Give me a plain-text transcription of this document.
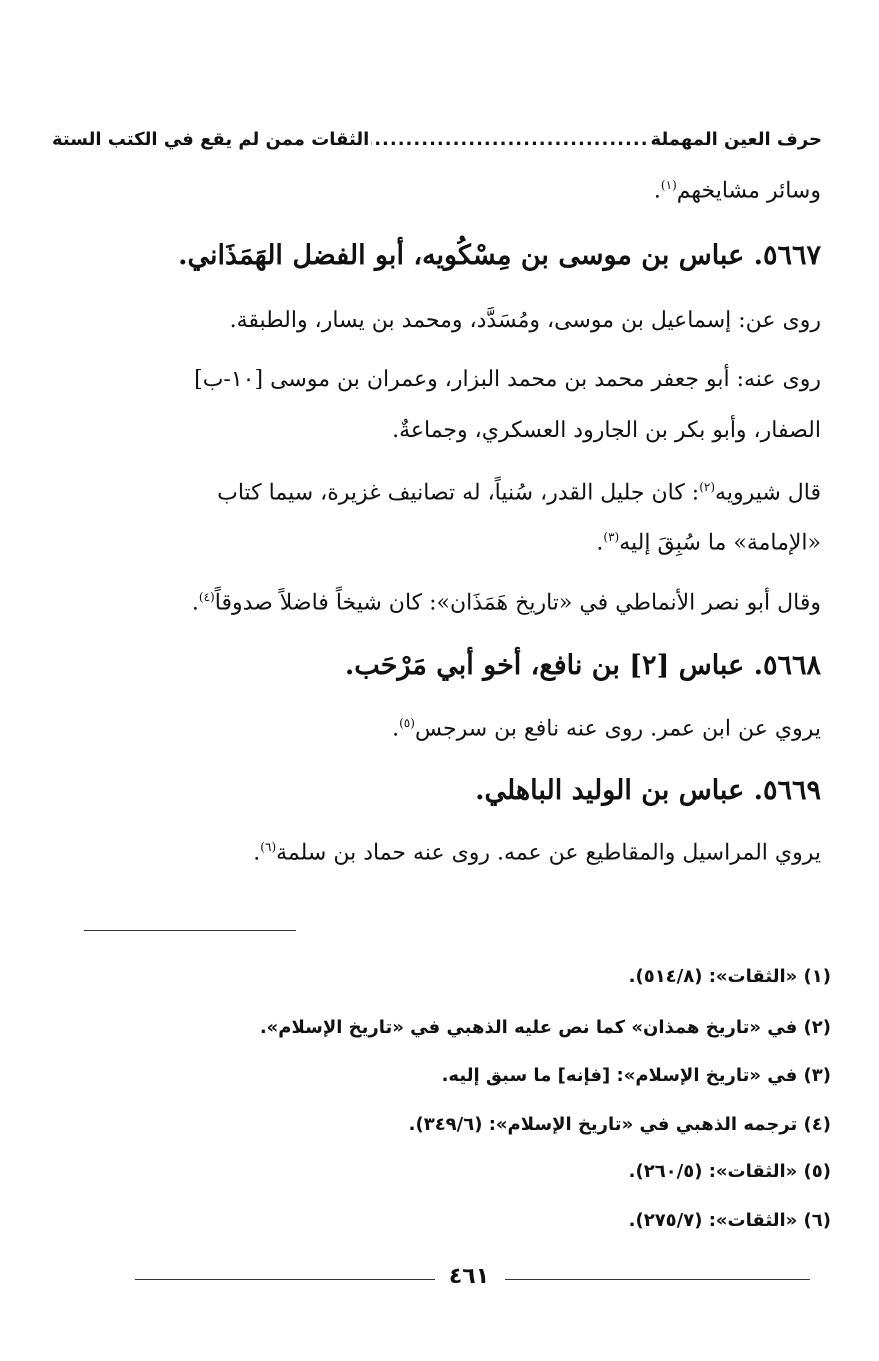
حرف العين المهملة
.....
الثقات ممن لم يقع في الكتب الستة
وسائر مشايخهم$^{(١)}$.
٥٦٦٧. عباس بن موسى بن مِسْكُويه، أبو الفضل الهَمَذَاني.
روى عن: إسماعيل بن موسى، ومُسَدَّد، ومحمد بن يسار، والطبقة.
روى عنه: أبو جعفر محمد بن محمد البزار، وعمران بن موسى [١٠-ب]
الصفار، وأبو بكر بن الجارود العسكري، وجماعةٌ.
قال شيرويه$^{(٢)}$: كان جليل القدر، سُنياً، له تصانيف غزيرة، سيما كتاب
«الإمامة» ما سُبِقَ إليه$^{(٣)}$.
وقال أبو نصر الأنماطي في «تاريخ هَمَذَان»: كان شيخاً فاضلاً صدوقاً$^{(٤)}$.
٥٦٦٨. عباس [٢] بن نافع، أخو أبي مَرْحَب.
يروي عن ابن عمر. روى عنه نافع بن سرجس$^{(٥)}$.
٥٦٦٩. عباس بن الوليد الباهلي.
يروي المراسيل والمقاطيع عن عمه. روى عنه حماد بن سلمة$^{(٦)}$.
(١) «الثقات»: (٥١٤/٨).
(٢) في «تاريخ همذان» كما نص عليه الذهبي في «تاريخ الإسلام».
(٣) في «تاريخ الإسلام»: [فإنه] ما سبق إليه.
(٤) ترجمه الذهبي في «تاريخ الإسلام»: (٣٤٩/٦).
(٥) «الثقات»: (٢٦٠/٥).
(٦) «الثقات»: (٢٧٥/٧).
٤٦١
